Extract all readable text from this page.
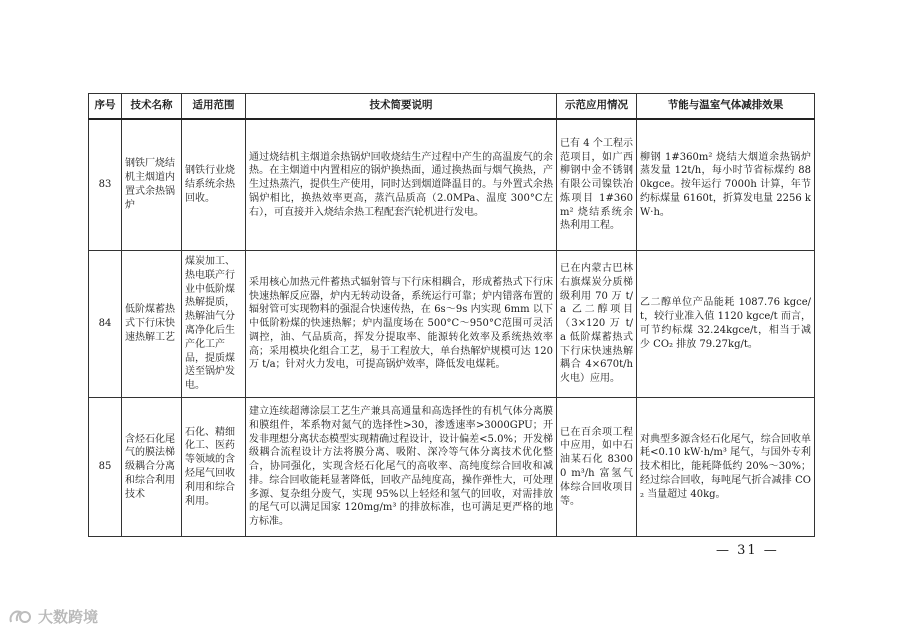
序号	技术名称	适用范围	技术简要说明	示范应用情况	节能与温室气体减排效果
83	钢铁厂烧结机主烟道内置式余热锅炉	钢铁行业烧结系统余热回收。	通过烧结机主烟道余热锅炉回收烧结生产过程中产生的高温废气的余热。在主烟道中内置相应的锅炉换热面，通过换热面与烟气换热，产生过热蒸汽，提供生产使用，同时达到烟道降温目的。与外置式余热锅炉相比，换热效率更高，蒸汽品质高（2.0MPa、温度 300°C左右），可直接并入烧结余热工程配套汽轮机进行发电。	已有 4 个工程示范项目，如广西柳钢中金不锈钢有限公司镍铁冶炼项目 1#360m² 烧结系统余热利用工程。	柳钢 1#360m² 烧结大烟道余热锅炉蒸发量 12t/h，每小时节省标煤约 880kgce。按年运行 7000h 计算，年节约标煤量 6160t，折算发电量 2256 kW·h。
84	低阶煤蓄热式下行床快速热解工艺	煤炭加工、热电联产行业中低阶煤热解提质，热解油气分离净化后生产化工产品，提质煤送至锅炉发电。	采用核心加热元件蓄热式辐射管与下行床相耦合，形成蓄热式下行床快速热解反应器，炉内无转动设备，系统运行可靠；炉内错落布置的辐射管可实现物料的强混合快速传热，在 6s～9s 内实现 6mm 以下中低阶粉煤的快速热解；炉内温度场在 500°C～950°C范围可灵活调控，油、气品质高，挥发分提取率、能源转化效率及系统热效率高；采用模块化组合工艺，易于工程放大，单台热解炉规模可达 120 万 t/a；针对火力发电，可提高锅炉效率，降低发电煤耗。	已在内蒙古巴林右旗煤炭分质梯级利用 70 万 t/a 乙二醇项目（3×120 万 t/a 低阶煤蓄热式下行床快速热解耦合 4×670t/h 火电）应用。	乙二醇单位产品能耗 1087.76 kgce/t，较行业准入值 1120 kgce/t 而言，可节约标煤 32.24kgce/t，相当于减少 CO₂ 排放 79.27kg/t。
85	含烃石化尾气的膜法梯级耦合分离和综合利用技术	石化、精细化工、医药等领域的含烃尾气回收利用和综合利用。	建立连续超薄涂层工艺生产兼具高通量和高选择性的有机气体分离膜和膜组件，苯系物对氮气的选择性>30，渗透速率>3000GPU；开发非理想分离状态模型实现精确过程设计，设计偏差<5.0%；开发梯级耦合流程设计方法将膜分离、吸附、深冷等气体分离技术优化整合，协同强化，实现含烃石化尾气的高收率、高纯度综合回收和减排。综合回收能耗显著降低，回收产品纯度高，操作弹性大，可处理多源、复杂组分废气，实现 95%以上轻烃和氢气的回收，对需排放的尾气可以满足国家 120mg/m³ 的排放标准，也可满足更严格的地方标准。	已在百余项工程中应用，如中石油某石化 83000 m³/h 富氢气体综合回收项目等。	对典型多源含烃石化尾气，综合回收单耗<0.10 kW·h/m³ 尾气，与国外专利技术相比，能耗降低约 20%～30%；经过综合回收，每吨尾气折合减排 CO₂ 当量超过 40kg。
— 31 —
大数跨境
